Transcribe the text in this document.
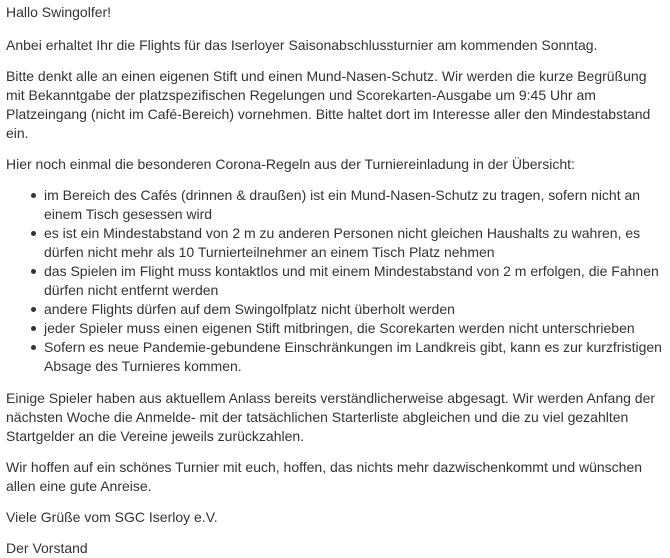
Hallo Swingolfer!

Anbei erhaltet Ihr die Flights für das Iserloyer Saisonabschlussturnier am kommenden Sonntag.

Bitte denkt alle an einen eigenen Stift und einen Mund-Nasen-Schutz. Wir werden die kurze Begrüßung mit Bekanntgabe der platzspezifischen Regelungen und Scorekarten-Ausgabe um 9:45 Uhr am Platzeingang (nicht im Café-Bereich) vornehmen. Bitte haltet dort im Interesse aller den Mindestabstand ein.

Hier noch einmal die besonderen Corona-Regeln aus der Turniereinladung in der Übersicht:

im Bereich des Cafés (drinnen & draußen) ist ein Mund-Nasen-Schutz zu tragen, sofern nicht an einem Tisch gesessen wird
es ist ein Mindestabstand von 2 m zu anderen Personen nicht gleichen Haushalts zu wahren, es dürfen nicht mehr als 10 Turnierteilnehmer an einem Tisch Platz nehmen
das Spielen im Flight muss kontaktlos und mit einem Mindestabstand von 2 m erfolgen, die Fahnen dürfen nicht entfernt werden
andere Flights dürfen auf dem Swingolfplatz nicht überholt werden
jeder Spieler muss einen eigenen Stift mitbringen, die Scorekarten werden nicht unterschrieben
Sofern es neue Pandemie-gebundene Einschränkungen im Landkreis gibt, kann es zur kurzfristigen Absage des Turnieres kommen.

Einige Spieler haben aus aktuellem Anlass bereits verständlicherweise abgesagt. Wir werden Anfang der nächsten Woche die Anmelde- mit der tatsächlichen Starterliste abgleichen und die zu viel gezahlten Startgelder an die Vereine jeweils zurückzahlen.

Wir hoffen auf ein schönes Turnier mit euch, hoffen, das nichts mehr dazwischenkommt und wünschen allen eine gute Anreise.

Viele Grüße vom SGC Iserloy e.V.

Der Vorstand
